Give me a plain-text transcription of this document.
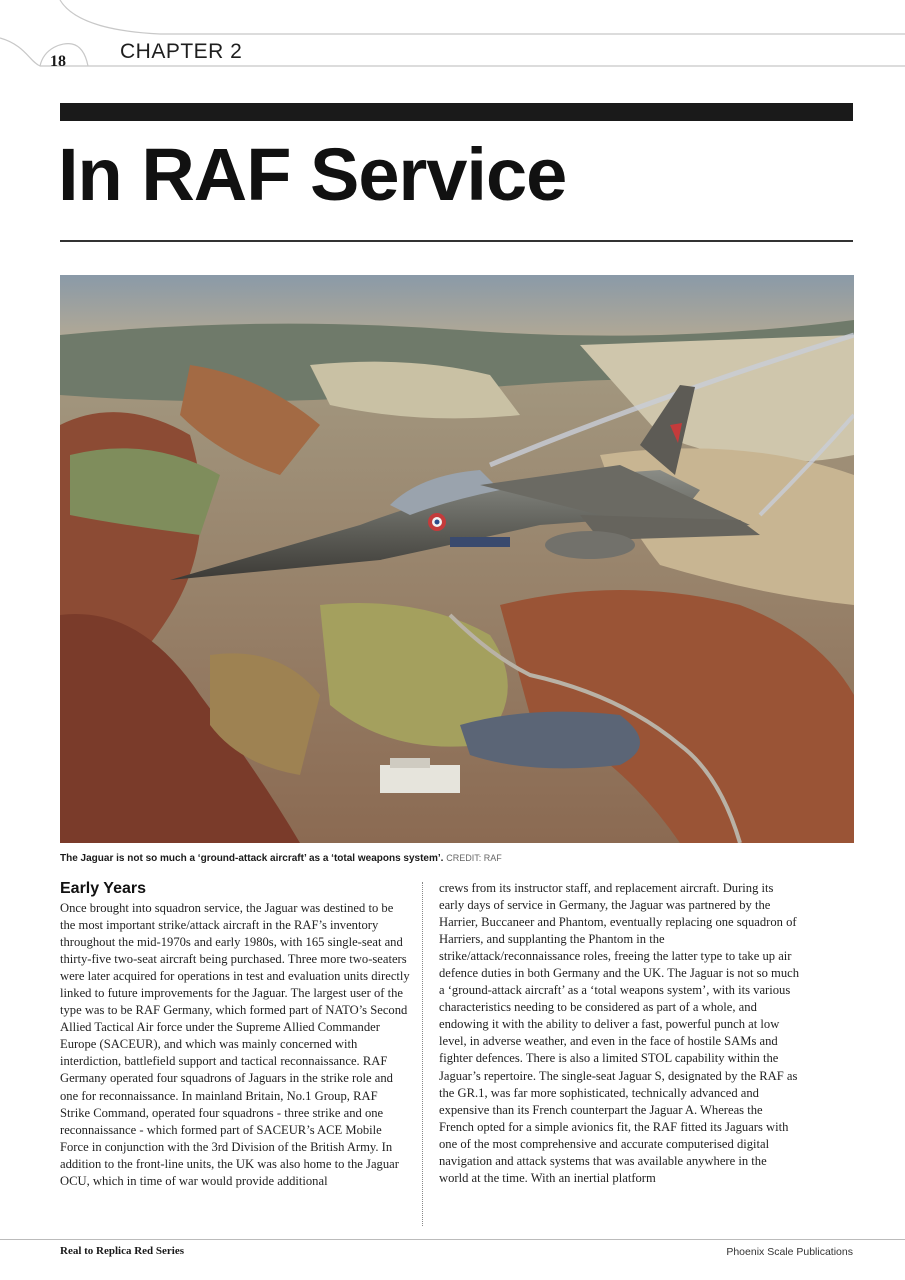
18	CHAPTER 2
In RAF Service
The Jaguar is not so much a ‘ground-attack aircraft’ as a ‘total weapons system’. CREDIT: RAF
Early Years

Once brought into squadron service, the Jaguar was destined to be the most important strike/attack aircraft in the RAF’s inventory throughout the mid-1970s and early 1980s, with 165 single-seat and thirty-five two-seat aircraft being purchased. Three more two-seaters were later acquired for operations in test and evaluation units directly linked to future improvements for the Jaguar. The largest user of the type was to be RAF Germany, which formed part of NATO’s Second Allied Tactical Air force under the Supreme Allied Commander Europe (SACEUR), and which was mainly concerned with interdiction, battlefield support and tactical reconnaissance. RAF Germany operated four squadrons of Jaguars in the strike role and one for reconnaissance. In mainland Britain, No.1 Group, RAF Strike Command, operated four squadrons - three strike and one reconnaissance - which formed part of SACEUR’s ACE Mobile Force in conjunction with the 3rd Division of the British Army. In addition to the front-line units, the UK was also home to the Jaguar OCU, which in time of war would provide additional

crews from its instructor staff, and replacement aircraft. During its early days of service in Germany, the Jaguar was partnered by the Harrier, Buccaneer and Phantom, eventually replacing one squadron of Harriers, and supplanting the Phantom in the strike/attack/reconnaissance roles, freeing the latter type to take up air defence duties in both Germany and the UK. The Jaguar is not so much a ‘ground-attack aircraft’ as a ‘total weapons system’, with its various characteristics needing to be considered as part of a whole, and endowing it with the ability to deliver a fast, powerful punch at low level, in adverse weather, and even in the face of hostile SAMs and fighter defences. There is also a limited STOL capability within the Jaguar’s repertoire. The single-seat Jaguar S, designated by the RAF as the GR.1, was far more sophisticated, technically advanced and expensive than its French counterpart the Jaguar A. Whereas the French opted for a simple avionics fit, the RAF fitted its Jaguars with one of the most comprehensive and accurate computerised digital navigation and attack systems that was available anywhere in the world at the time. With an inertial platform

Real to Replica Red Series	Phoenix Scale Publications
